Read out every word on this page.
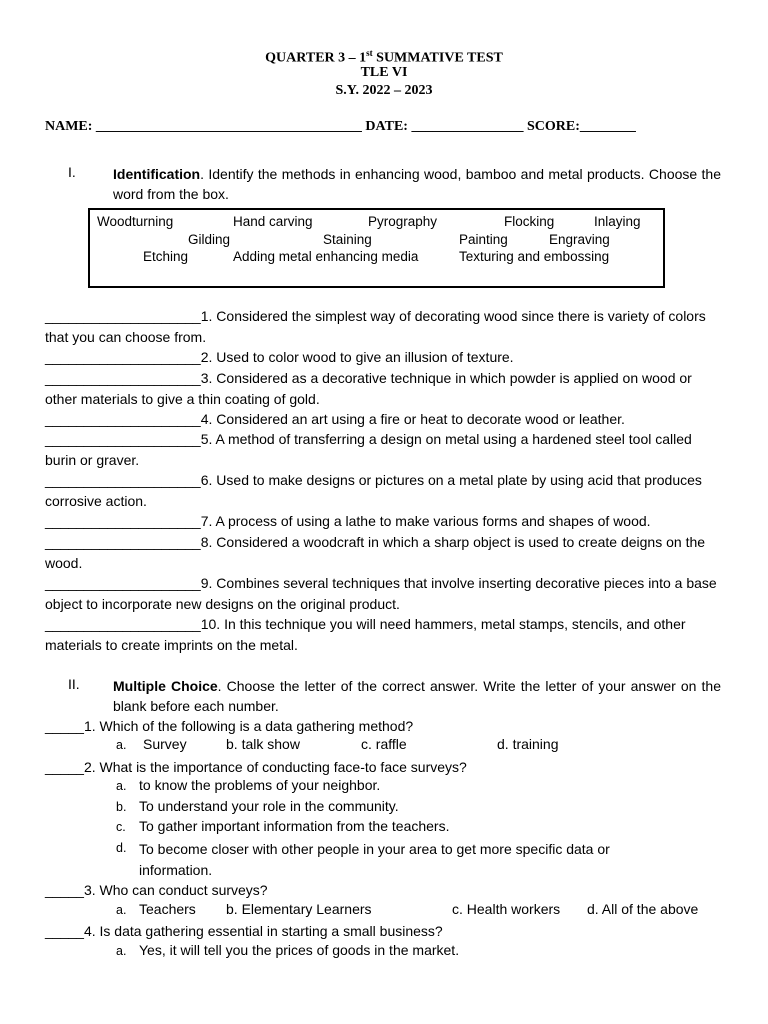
QUARTER 3 – 1st SUMMATIVE TEST
TLE VI
S.Y. 2022 – 2023
NAME: ______________________________________ DATE: ________________ SCORE:________
I.	Identification. Identify the methods in enhancing wood, bamboo and metal products. Choose the word from the box.
Woodturning	Hand carving	Pyrography	Flocking	Inlaying
Gilding	Staining	Painting	Engraving
Etching	Adding metal enhancing media	Texturing and embossing
____________________1. Considered the simplest way of decorating wood since there is variety of colors that you can choose from.
____________________2. Used to color wood to give an illusion of texture.
____________________3. Considered as a decorative technique in which powder is applied on wood or other materials to give a thin coating of gold.
____________________4. Considered an art using a fire or heat to decorate wood or leather.
____________________5. A method of transferring a design on metal using a hardened steel tool called burin or graver.
____________________6. Used to make designs or pictures on a metal plate by using acid that produces corrosive action.
____________________7. A process of using a lathe to make various forms and shapes of wood.
____________________8. Considered a woodcraft in which a sharp object is used to create deigns on the wood.
____________________9. Combines several techniques that involve inserting decorative pieces into a base object to incorporate new designs on the original product.
____________________10. In this technique you will need hammers, metal stamps, stencils, and other materials to create imprints on the metal.
II. Multiple Choice. Choose the letter of the correct answer. Write the letter of your answer on the blank before each number.
_____1. Which of the following is a data gathering method?
a. Survey	b. talk show	c. raffle	d. training
_____2. What is the importance of conducting face-to face surveys?
a. to know the problems of your neighbor.
b. To understand your role in the community.
c. To gather important information from the teachers.
d. To become closer with other people in your area to get more specific data or information.
_____3. Who can conduct surveys?
a. Teachers b. Elementary Learners	c. Health workers d. All of the above
_____4. Is data gathering essential in starting a small business?
a. Yes, it will tell you the prices of goods in the market.
